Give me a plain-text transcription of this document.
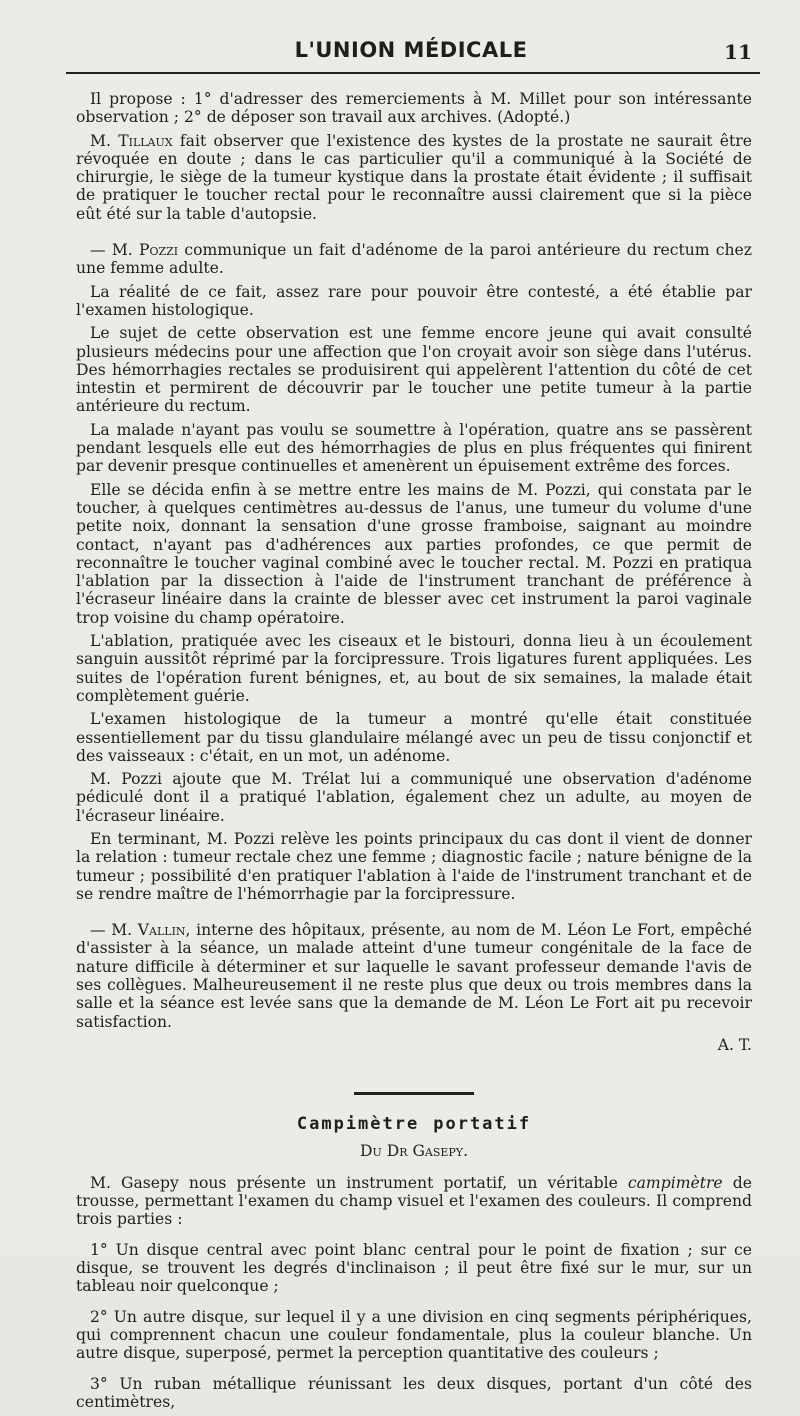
L'UNION MÉDICALE	11

Il propose : 1° d'adresser des remerciements à M. Millet pour son intéressante observation ; 2° de déposer son travail aux archives. (Adopté.)

M. Tillaux fait observer que l'existence des kystes de la prostate ne saurait être révoquée en doute ; dans le cas particulier qu'il a communiqué à la Société de chirurgie, le siège de la tumeur kystique dans la prostate était évidente ; il suffisait de pratiquer le toucher rectal pour le reconnaître aussi clairement que si la pièce eût été sur la table d'autopsie.

— M. Pozzi communique un fait d'adénome de la paroi antérieure du rectum chez une femme adulte.

La réalité de ce fait, assez rare pour pouvoir être contesté, a été établie par l'examen histologique.

Le sujet de cette observation est une femme encore jeune qui avait consulté plusieurs médecins pour une affection que l'on croyait avoir son siège dans l'utérus. Des hémorrhagies rectales se produisirent qui appelèrent l'attention du côté de cet intestin et permirent de découvrir par le toucher une petite tumeur à la partie antérieure du rectum.

La malade n'ayant pas voulu se soumettre à l'opération, quatre ans se passèrent pendant lesquels elle eut des hémorrhagies de plus en plus fréquentes qui finirent par devenir presque continuelles et amenèrent un épuisement extrême des forces.

Elle se décida enfin à se mettre entre les mains de M. Pozzi, qui constata par le toucher, à quelques centimètres au-dessus de l'anus, une tumeur du volume d'une petite noix, donnant la sensation d'une grosse framboise, saignant au moindre contact, n'ayant pas d'adhérences aux parties profondes, ce que permit de reconnaître le toucher vaginal combiné avec le toucher rectal. M. Pozzi en pratiqua l'ablation par la dissection à l'aide de l'instrument tranchant de préférence à l'écraseur linéaire dans la crainte de blesser avec cet instrument la paroi vaginale trop voisine du champ opératoire.

L'ablation, pratiquée avec les ciseaux et le bistouri, donna lieu à un écoulement sanguin aussitôt réprimé par la forcipressure. Trois ligatures furent appliquées. Les suites de l'opération furent bénignes, et, au bout de six semaines, la malade était complètement guérie.

L'examen histologique de la tumeur a montré qu'elle était constituée essentiellement par du tissu glandulaire mélangé avec un peu de tissu conjonctif et des vaisseaux : c'était, en un mot, un adénome.

M. Pozzi ajoute que M. Trélat lui a communiqué une observation d'adénome pédiculé dont il a pratiqué l'ablation, également chez un adulte, au moyen de l'écraseur linéaire.

En terminant, M. Pozzi relève les points principaux du cas dont il vient de donner la relation : tumeur rectale chez une femme ; diagnostic facile ; nature bénigne de la tumeur ; possibilité d'en pratiquer l'ablation à l'aide de l'instrument tranchant et de se rendre maître de l'hémorrhagie par la forcipressure.

— M. Vallin, interne des hôpitaux, présente, au nom de M. Léon Le Fort, empêché d'assister à la séance, un malade atteint d'une tumeur congénitale de la face de nature difficile à déterminer et sur laquelle le savant professeur demande l'avis de ses collègues. Malheureusement il ne reste plus que deux ou trois membres dans la salle et la séance est levée sans que la demande de M. Léon Le Fort ait pu recevoir satisfaction.

A. T.

Campimètre portatif
Du Dr Gasepy.

M. Gasepy nous présente un instrument portatif, un véritable campimètre de trousse, permettant l'examen du champ visuel et l'examen des couleurs. Il comprend trois parties :

1° Un disque central avec point blanc central pour le point de fixation ; sur ce disque, se trouvent les degrés d'inclinaison ; il peut être fixé sur le mur, sur un tableau noir quelconque ;

2° Un autre disque, sur lequel il y a une division en cinq segments périphériques, qui comprennent chacun une couleur fondamentale, plus la couleur blanche. Un autre disque, superposé, permet la perception quantitative des couleurs ;

3° Un ruban métallique réunissant les deux disques, portant d'un côté des centimètres,
